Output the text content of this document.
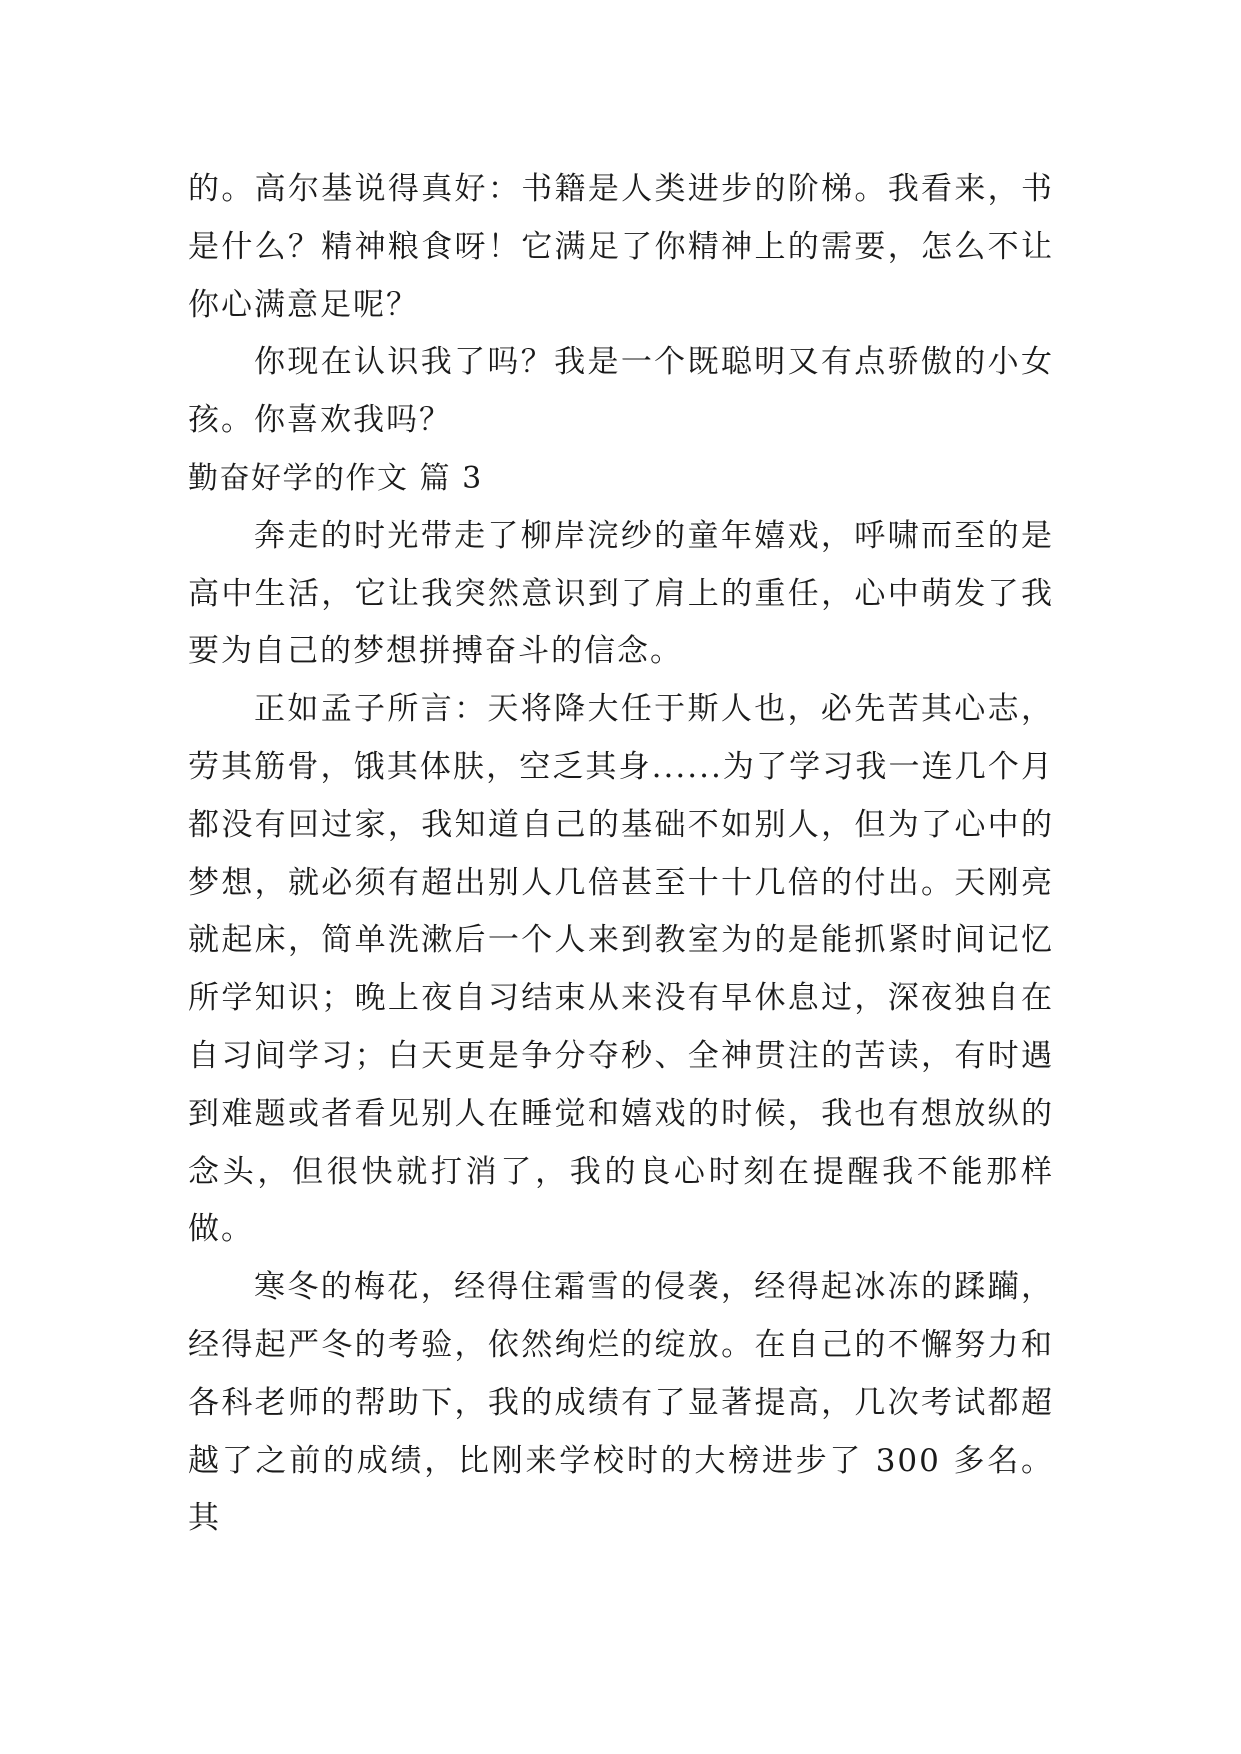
的。高尔基说得真好：书籍是人类进步的阶梯。我看来，书是什么？精神粮食呀！它满足了你精神上的需要，怎么不让你心满意足呢？

你现在认识我了吗？我是一个既聪明又有点骄傲的小女孩。你喜欢我吗？

勤奋好学的作文 篇 3

奔走的时光带走了柳岸浣纱的童年嬉戏，呼啸而至的是高中生活，它让我突然意识到了肩上的重任，心中萌发了我要为自己的梦想拼搏奋斗的信念。

正如孟子所言：天将降大任于斯人也，必先苦其心志，劳其筋骨，饿其体肤，空乏其身......为了学习我一连几个月都没有回过家，我知道自己的基础不如别人，但为了心中的梦想，就必须有超出别人几倍甚至十十几倍的付出。天刚亮就起床，简单洗漱后一个人来到教室为的是能抓紧时间记忆所学知识；晚上夜自习结束从来没有早休息过，深夜独自在自习间学习；白天更是争分夺秒、全神贯注的苦读，有时遇到难题或者看见别人在睡觉和嬉戏的时候，我也有想放纵的念头，但很快就打消了，我的良心时刻在提醒我不能那样做。

寒冬的梅花，经得住霜雪的侵袭，经得起冰冻的蹂躏，经得起严冬的考验，依然绚烂的绽放。在自己的不懈努力和各科老师的帮助下，我的成绩有了显著提高，几次考试都超越了之前的成绩，比刚来学校时的大榜进步了 300 多名。其
